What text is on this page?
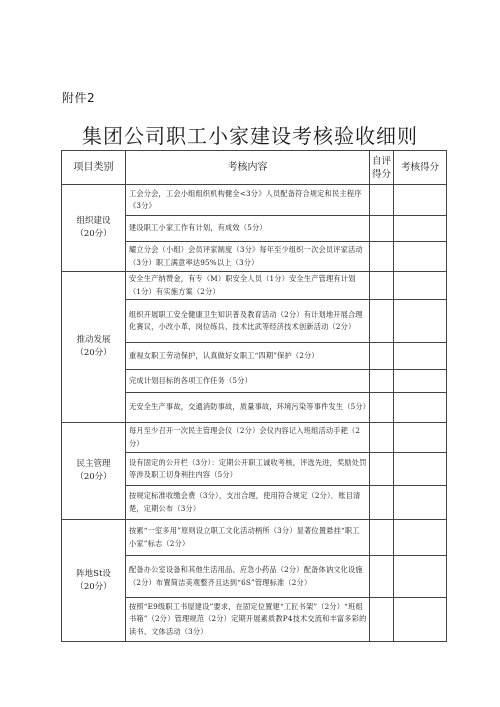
附件2
集团公司职工小家建设考核验收细则
项目类别	考核内容	自评得分	考核得分
组织建设（20分）	工会分会，工会小组组织机构健全<3分》人员配备符合规定和民主程序《3分》		
	建设职工小家工作有计划，有成效（5分）		
	耀立分会（小组）会员评家制度（3分》每年至少组织一次会员评家活动（3分）职工满意率达95%以上（3分）		
推动发展（20分）	安全生产纳赞金，有专（M）职安全人员（1分）安全生产管理有计划（1分）有实施方案（2分）		
	组织开展职工安全健康卫生知识普及教育活动（2分）有计划地开展合理化赛议，小改小革，岗位练兵、技术比武等经济技术创新活动（2分）		
	重视女职工劳动保护，认真做好女职工“四期”保护（2分）		
	完成计划目标的各项工作任务（5分）		
	无安全生产事故，交通消防事故，质量事故，环境污染等事件发生（5分）		
民主管理（20分）	每月至少召开一次民主管理会仪（2分）会仪内容记入班组活动手耙（2分）		
	设有固定的公开栏（3分）：定期公开职工诚收考核，评选先进，奖励处罚等涉及职工切身利拄内容（5分）		
	按规定标准收缴会费（3分），支出合理，使用符合规定（2分）．账目清楚，定期公布（3分）		
阵地St设（20分）	按累“一室多用”原则设立职工文化活动柄所（3分）显著位置悬挂“职工小家”标志（2分）		
	配备办公室设备和其他生活用品、应急小药品（2分）配备体讷文化设施（2分）布置简洁美观整齐且达到“6S”管理标准（2分）		
	按照“E9级职工书屋建设”要求，在固定位置建“工匠书架”（2分）“班组书箱”（2分）管理规范（2分）定期开展素质教P4技术交流和丰富多彩的读书、文体活动（3分）		
